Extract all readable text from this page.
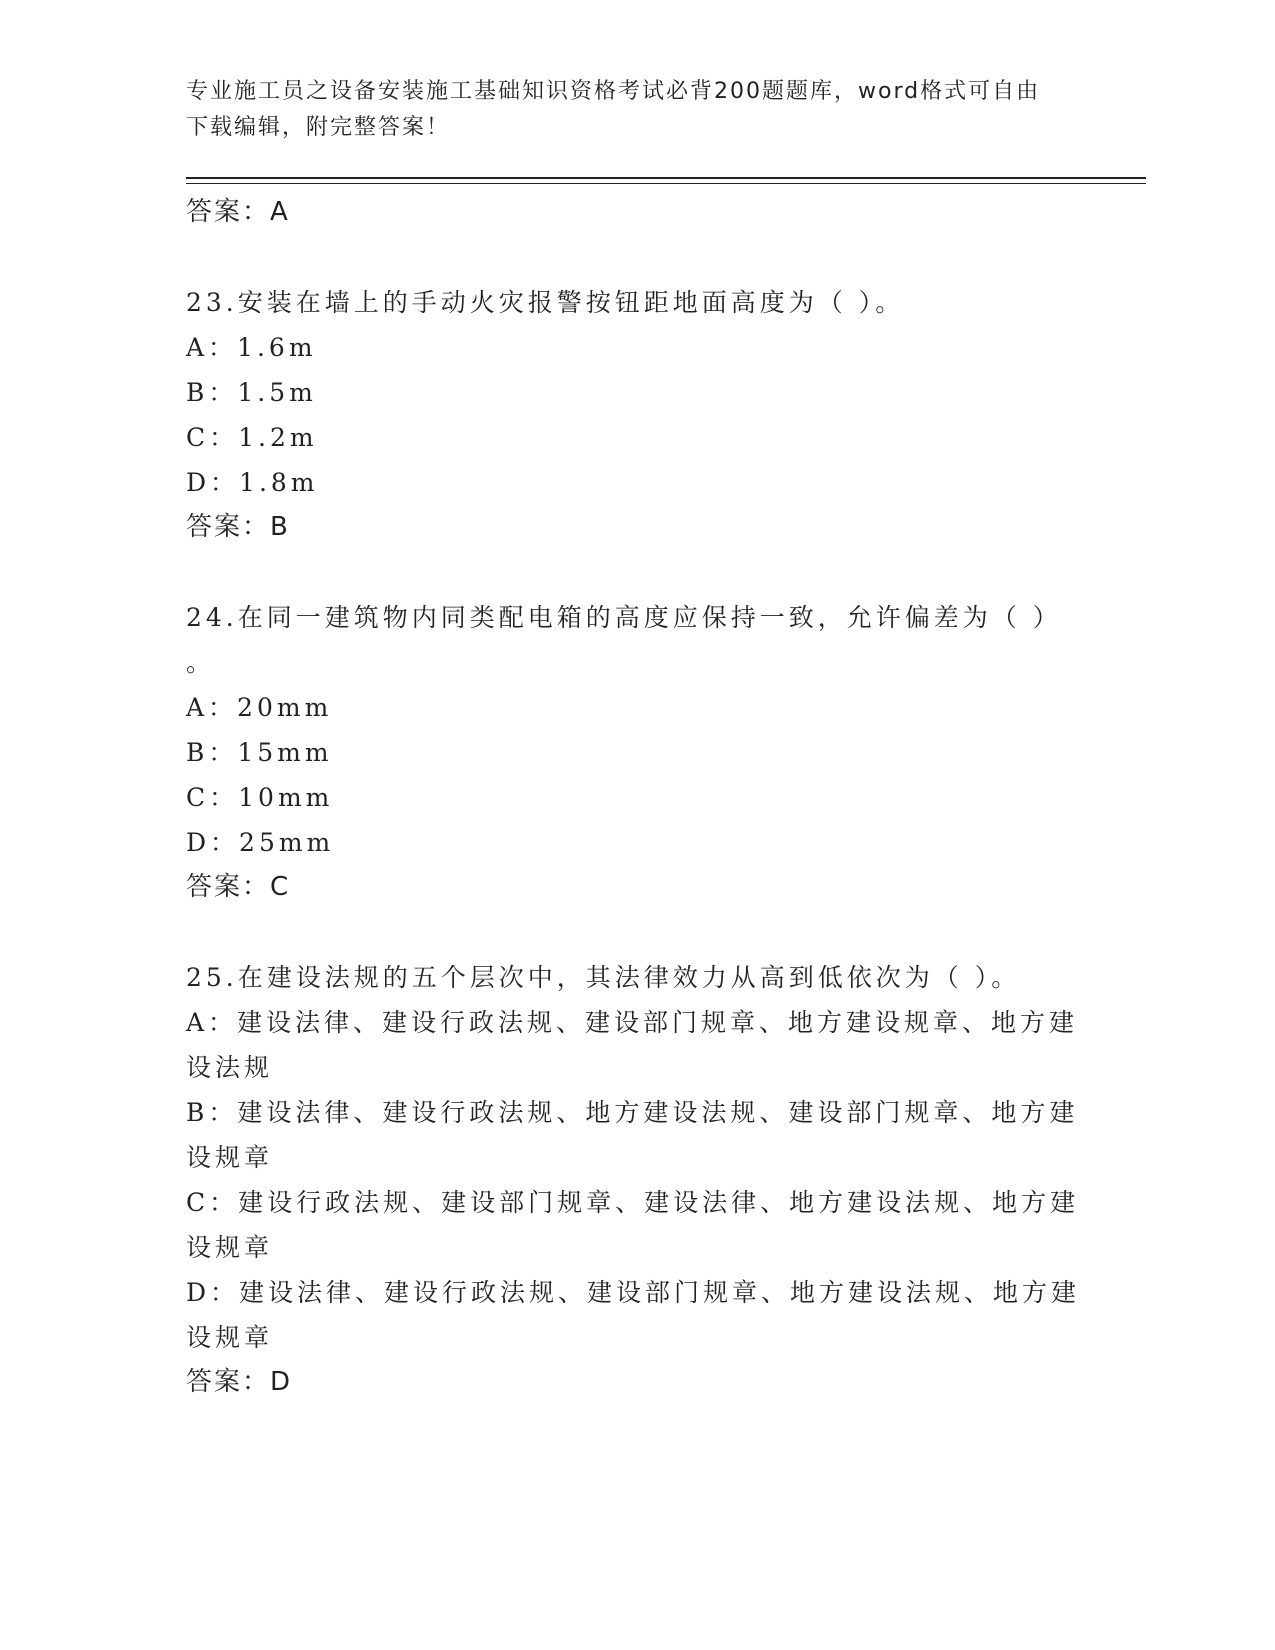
专业施工员之设备安装施工基础知识资格考试必背200题题库，word格式可自由
下载编辑，附完整答案！
答案：A
23.安装在墙上的手动火灾报警按钮距地面高度为（ ）。
A：1.6m
B：1.5m
C：1.2m
D：1.8m
答案：B
24.在同一建筑物内同类配电箱的高度应保持一致，允许偏差为（ ）
。
A：20mm
B：15mm
C：10mm
D：25mm
答案：C
25.在建设法规的五个层次中，其法律效力从高到低依次为（ ）。
A：建设法律、建设行政法规、建设部门规章、地方建设规章、地方建
设法规
B：建设法律、建设行政法规、地方建设法规、建设部门规章、地方建
设规章
C：建设行政法规、建设部门规章、建设法律、地方建设法规、地方建
设规章
D：建设法律、建设行政法规、建设部门规章、地方建设法规、地方建
设规章
答案：D
